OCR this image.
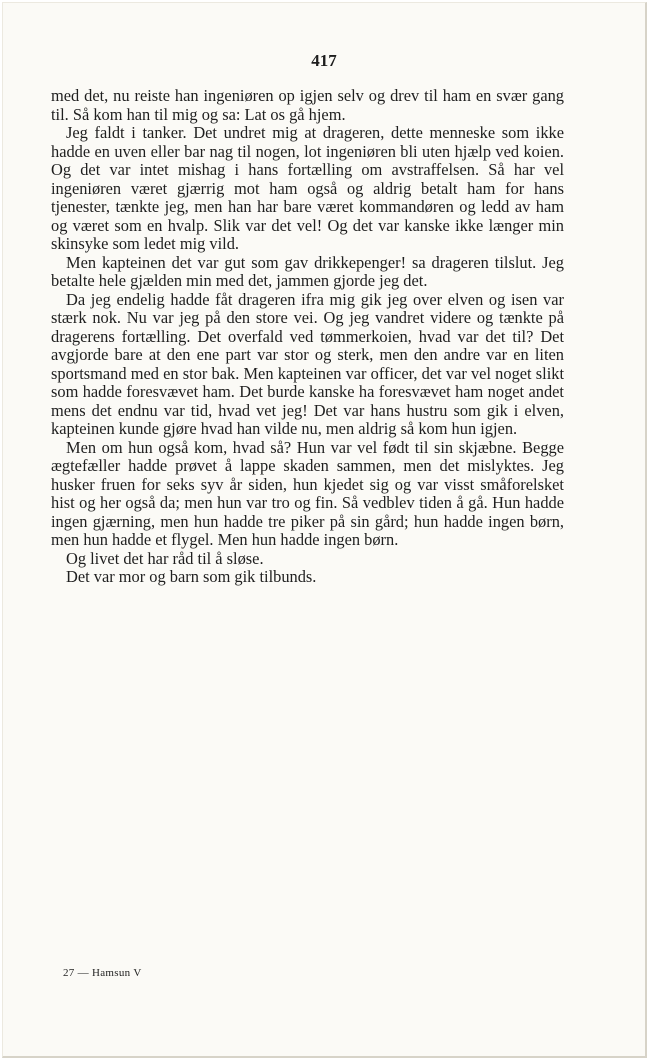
417

med det, nu reiste han ingeniøren op igjen selv og drev til ham en svær gang til. Så kom han til mig og sa: Lat os gå hjem.

Jeg faldt i tanker. Det undret mig at drageren, dette menneske som ikke hadde en uven eller bar nag til nogen, lot ingeniøren bli uten hjælp ved koien. Og det var intet mishag i hans fortælling om avstraffelsen. Så har vel ingeniøren været gjærrig mot ham også og aldrig betalt ham for hans tjenester, tænkte jeg, men han har bare været kommandøren og ledd av ham og været som en hvalp. Slik var det vel! Og det var kanske ikke længer min skinsyke som ledet mig vild.

Men kapteinen det var gut som gav drikkepenger! sa drageren tilslut. Jeg betalte hele gjælden min med det, jammen gjorde jeg det.

Da jeg endelig hadde fåt drageren ifra mig gik jeg over elven og isen var stærk nok. Nu var jeg på den store vei. Og jeg vandret videre og tænkte på dragerens fortælling. Det overfald ved tømmerkoien, hvad var det til? Det avgjorde bare at den ene part var stor og sterk, men den andre var en liten sportsmand med en stor bak. Men kapteinen var officer, det var vel noget slikt som hadde foresvævet ham. Det burde kanske ha foresvævet ham noget andet mens det endnu var tid, hvad vet jeg! Det var hans hustru som gik i elven, kapteinen kunde gjøre hvad han vilde nu, men aldrig så kom hun igjen.

Men om hun også kom, hvad så? Hun var vel født til sin skjæbne. Begge ægtefæller hadde prøvet å lappe skaden sammen, men det mislyktes. Jeg husker fruen for seks syv år siden, hun kjedet sig og var visst småforelsket hist og her også da; men hun var tro og fin. Så vedblev tiden å gå. Hun hadde ingen gjærning, men hun hadde tre piker på sin gård; hun hadde ingen børn, men hun hadde et flygel. Men hun hadde ingen børn.

Og livet det har råd til å sløse.

Det var mor og barn som gik tilbunds.

27 — Hamsun V
